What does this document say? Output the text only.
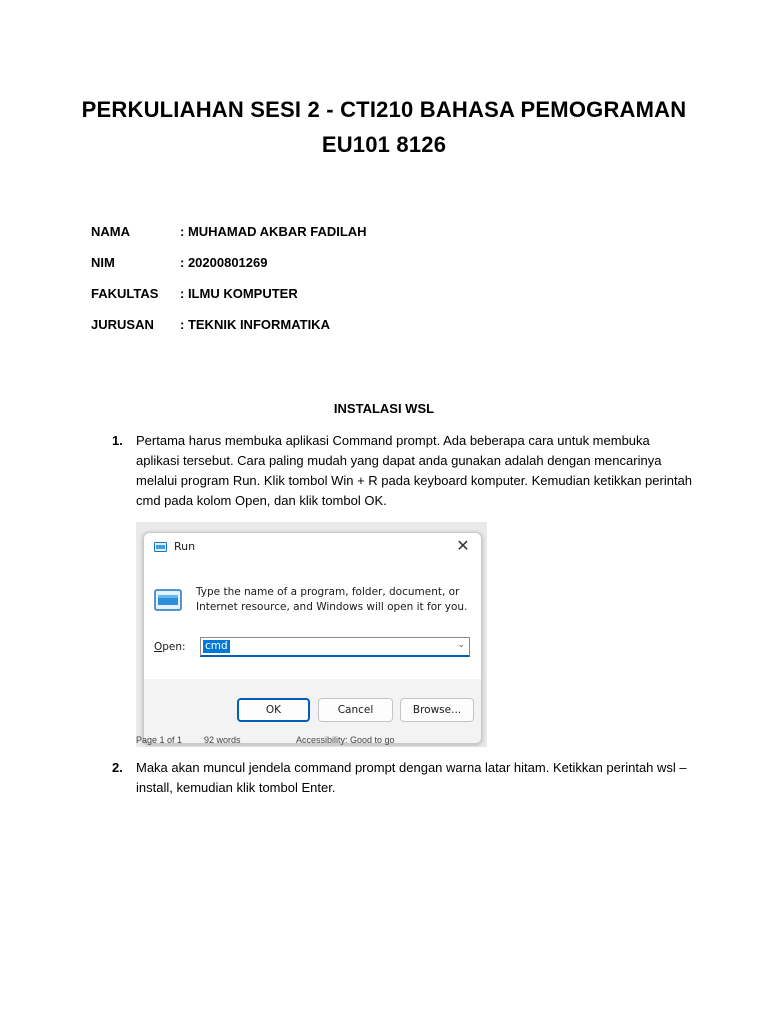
PERKULIAHAN SESI 2 - CTI210 BAHASA PEMOGRAMAN
EU101 8126
NAMA	: MUHAMAD AKBAR FADILAH
NIM	: 20200801269
FAKULTAS	: ILMU KOMPUTER
JURUSAN	: TEKNIK INFORMATIKA
INSTALASI WSL
1.	Pertama harus membuka aplikasi Command prompt. Ada beberapa cara untuk membuka aplikasi tersebut. Cara paling mudah yang dapat anda gunakan adalah dengan mencarinya melalui program Run. Klik tombol Win + R pada keyboard komputer. Kemudian ketikkan perintah cmd pada kolom Open, dan klik tombol OK.
Run	✕
Type the name of a program, folder, document, or Internet resource, and Windows will open it for you.
Open: cmd	⌄
OK	Cancel	Browse...
Page 1 of 1 92 words	Accessibility: Good to go
2.	Maka akan muncul jendela command prompt dengan warna latar hitam. Ketikkan perintah wsl –install, kemudian klik tombol Enter.
